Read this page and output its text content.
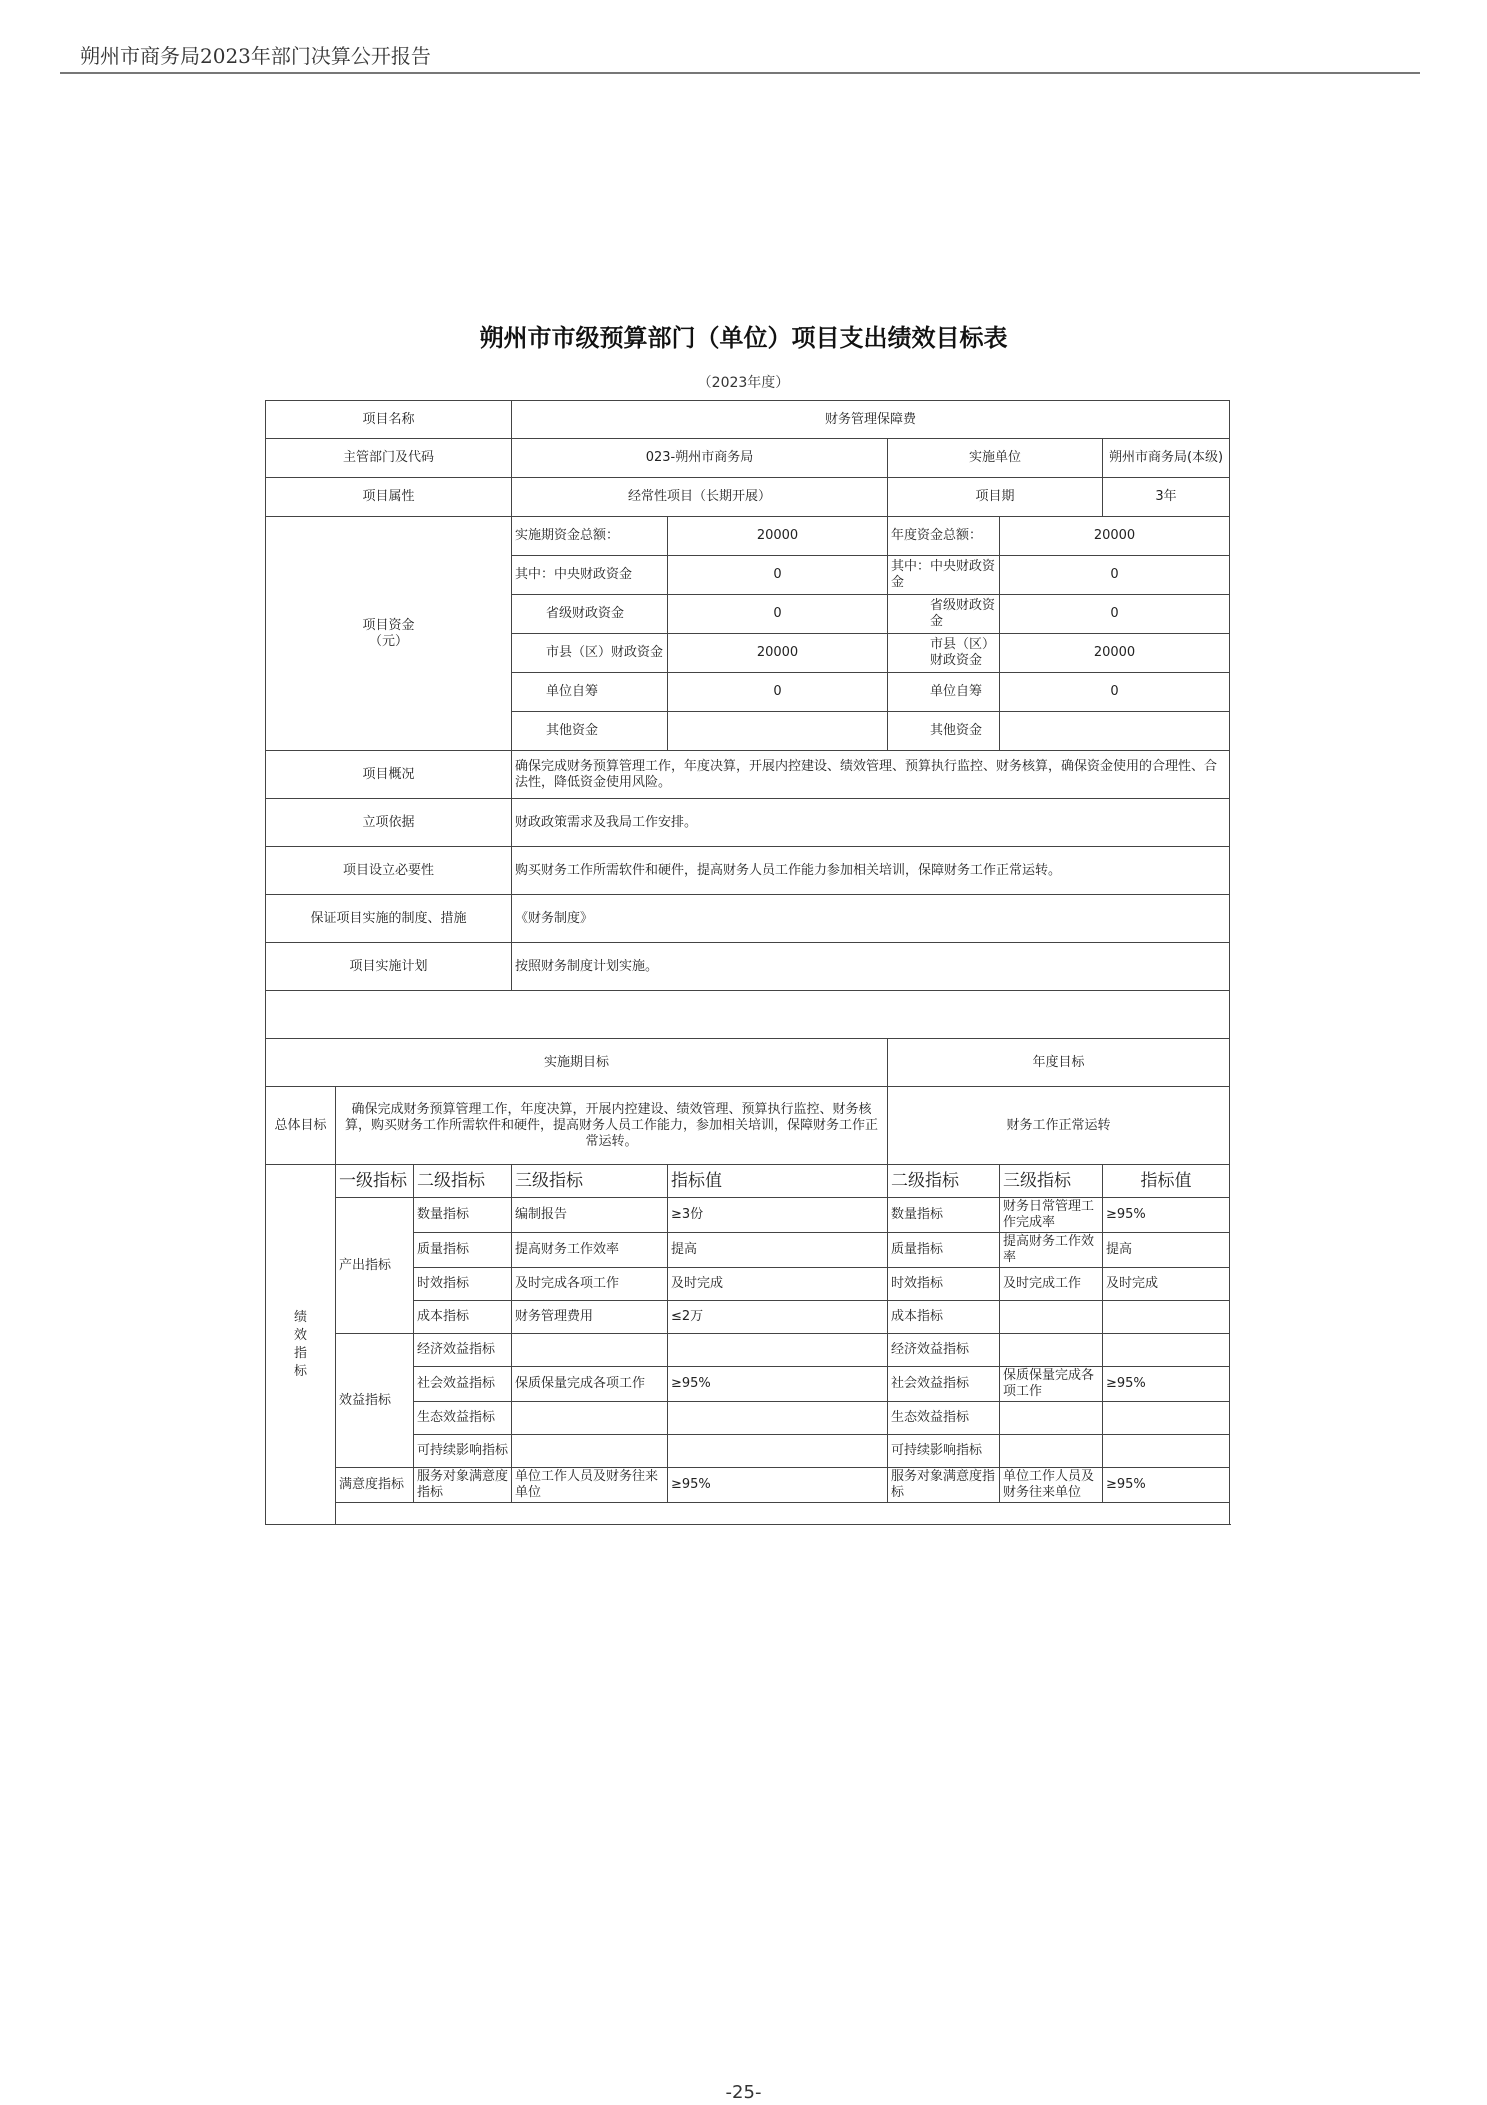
朔州市商务局2023年部门决算公开报告
朔州市市级预算部门（单位）项目支出绩效目标表
（2023年度）
项目名称			财务管理保障费				
主管部门及代码			023-朔州市商务局		实施单位		朔州市商务局(本级)
项目属性			经常性项目（长期开展）		项目期		3年
项目资金
（元）			实施期资金总额：	20000	年度资金总额：	20000	
			其中：中央财政资金	0	其中：中央财政资金	0	
			省级财政资金	0	省级财政资金	0	
			市县（区）财政资金	20000	市县（区）财政资金	20000	
			单位自筹	0	单位自筹	0	
			其他资金		其他资金		
项目概况			确保完成财务预算管理工作，年度决算，开展内控建设、绩效管理、预算执行监控、财务核算，确保资金使用的合理性、合法性，降低资金使用风险。				
立项依据			财政政策需求及我局工作安排。				
项目设立必要性			购买财务工作所需软件和硬件，提高财务人员工作能力参加相关培训，保障财务工作正常运转。				
保证项目实施的制度、措施			《财务制度》				
项目实施计划			按照财务制度计划实施。				

实施期目标					年度目标		
总体目标	确保完成财务预算管理工作，年度决算，开展内控建设、绩效管理、预算执行监控、财务核算，购买财务工作所需软件和硬件，提高财务人员工作能力，参加相关培训，保障财务工作正常运转。				财务工作正常运转		
绩效指标	一级指标	二级指标	三级指标	指标值	二级指标	三级指标	指标值
	产出指标	数量指标	编制报告	≥3份	数量指标	财务日常管理工作完成率	≥95%
		质量指标	提高财务工作效率	提高	质量指标	提高财务工作效率	提高
		时效指标	及时完成各项工作	及时完成	时效指标	及时完成工作	及时完成
		成本指标	财务管理费用	≤2万	成本指标		
	效益指标	经济效益指标			经济效益指标		
		社会效益指标	保质保量完成各项工作	≥95%	社会效益指标	保质保量完成各项工作	≥95%
		生态效益指标			生态效益指标		
		可持续影响指标			可持续影响指标		
	满意度指标	服务对象满意度指标	单位工作人员及财务往来单位	≥95%	服务对象满意度指标	单位工作人员及财务往来单位	≥95%

-25-
